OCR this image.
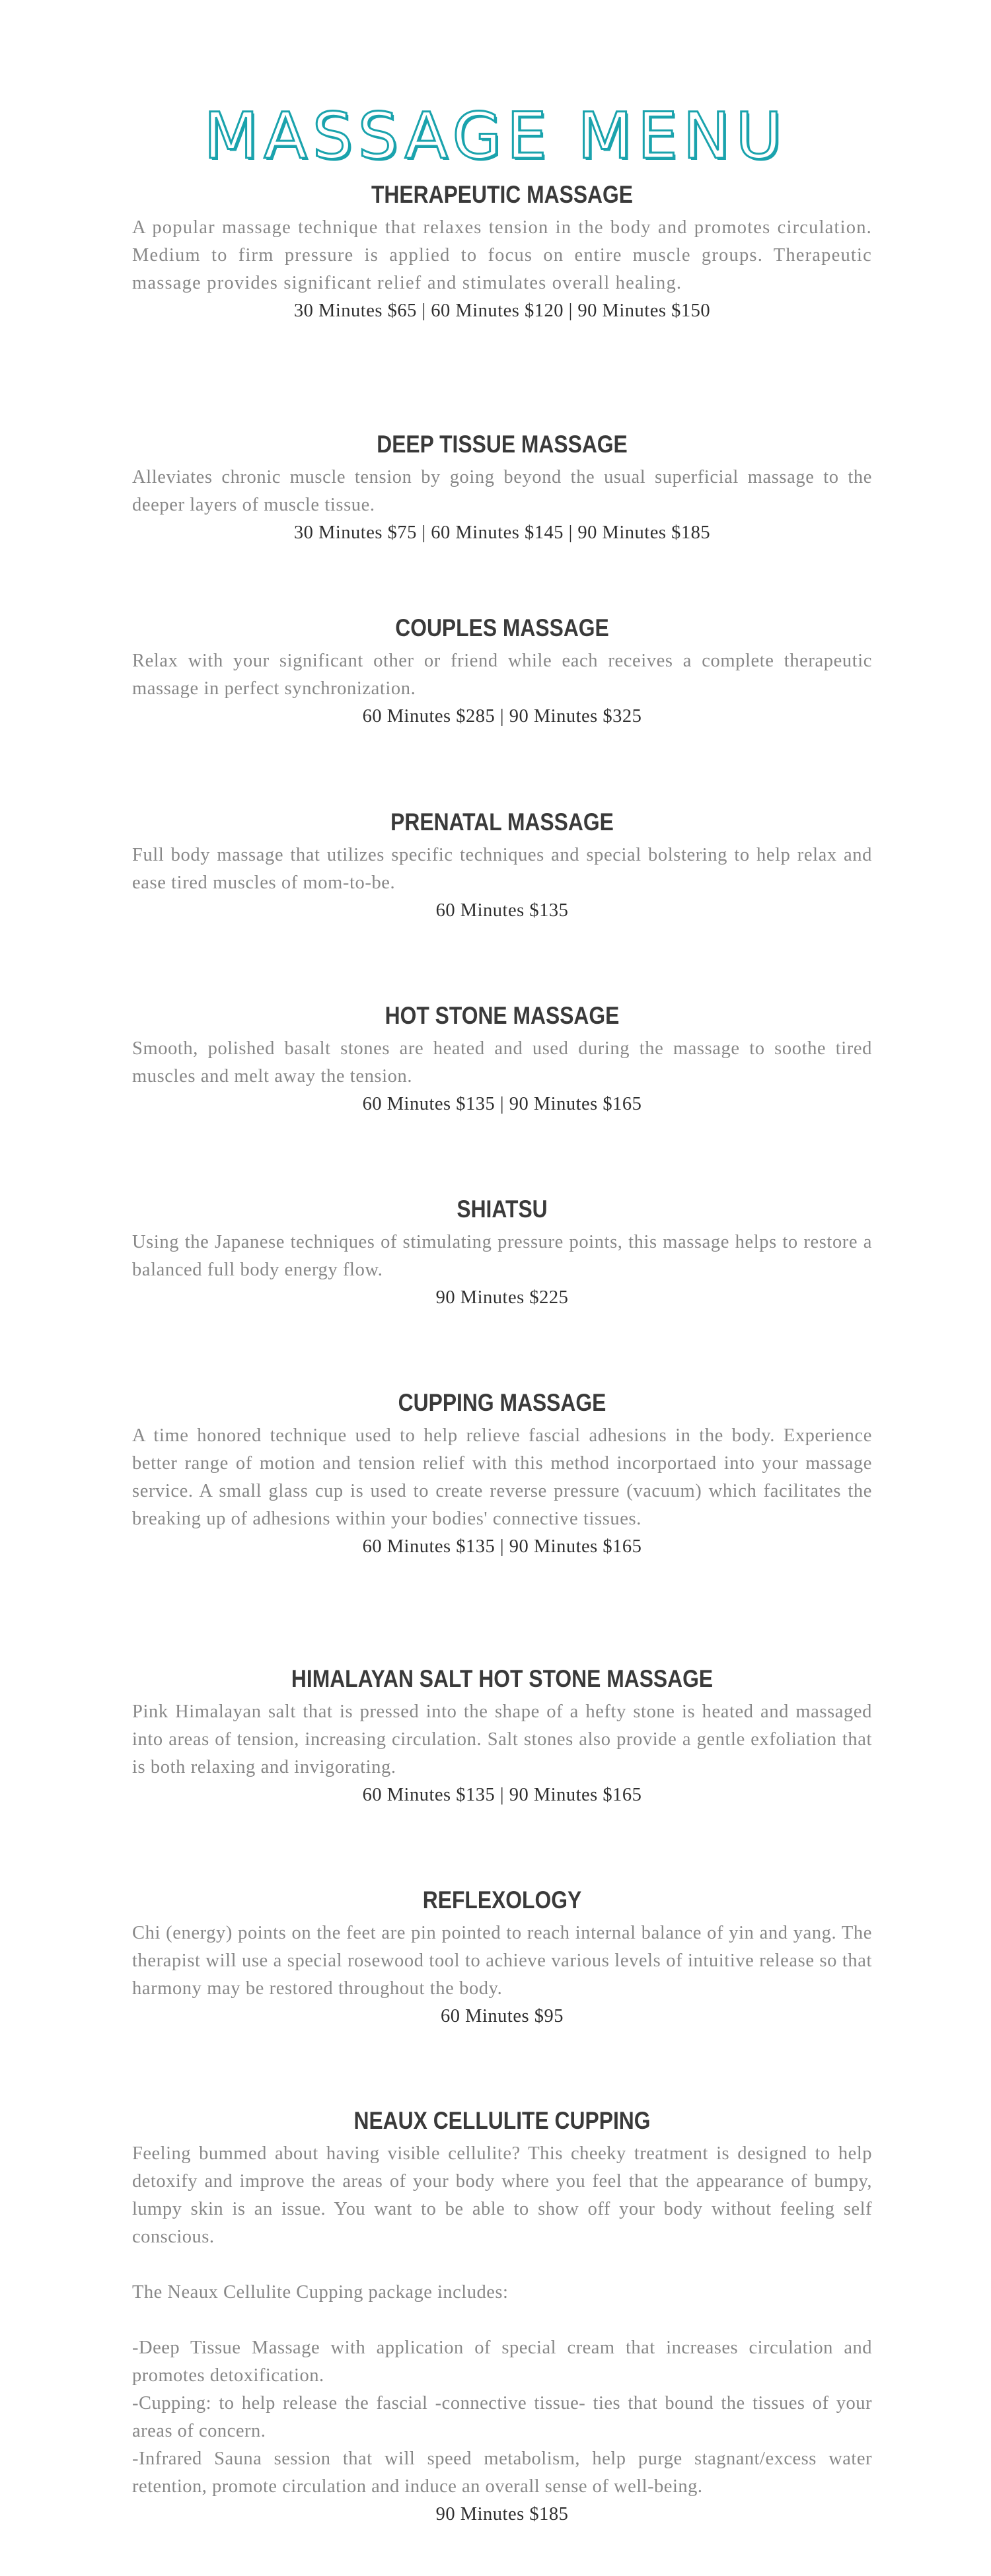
MASSAGE MENU
THERAPEUTIC MASSAGE

A popular massage technique that relaxes tension in the body and promotes circulation. Medium to firm pressure is applied to focus on entire muscle groups. Therapeutic massage provides significant relief and stimulates overall healing.

30 Minutes $65 | 60 Minutes $120 | 90 Minutes $150

DEEP TISSUE MASSAGE

Alleviates chronic muscle tension by going beyond the usual superficial massage to the deeper layers of muscle tissue.

30 Minutes $75 | 60 Minutes $145 | 90 Minutes $185

COUPLES MASSAGE

Relax with your significant other or friend while each receives a complete therapeutic massage in perfect synchronization.

60 Minutes $285 | 90 Minutes $325

PRENATAL MASSAGE

Full body massage that utilizes specific techniques and special bolstering to help relax and ease tired muscles of mom-to-be.

60 Minutes $135

HOT STONE MASSAGE

Smooth, polished basalt stones are heated and used during the massage to soothe tired muscles and melt away the tension.

60 Minutes $135 | 90 Minutes $165

SHIATSU

Using the Japanese techniques of stimulating pressure points, this massage helps to restore a balanced full body energy flow.

90 Minutes $225

CUPPING MASSAGE

A time honored technique used to help relieve fascial adhesions in the body. Experience better range of motion and tension relief with this method incorportaed into your massage service. A small glass cup is used to create reverse pressure (vacuum) which facilitates the breaking up of adhesions within your bodies' connective tissues.

60 Minutes $135 | 90 Minutes $165

HIMALAYAN SALT HOT STONE MASSAGE

Pink Himalayan salt that is pressed into the shape of a hefty stone is heated and massaged into areas of tension, increasing circulation. Salt stones also provide a gentle exfoliation that is both relaxing and invigorating.

60 Minutes $135 | 90 Minutes $165

REFLEXOLOGY

Chi (energy) points on the feet are pin pointed to reach internal balance of yin and yang. The therapist will use a special rosewood tool to achieve various levels of intuitive release so that harmony may be restored throughout the body.

60 Minutes $95

NEAUX CELLULITE CUPPING

Feeling bummed about having visible cellulite? This cheeky treatment is designed to help detoxify and improve the areas of your body where you feel that the appearance of bumpy, lumpy skin is an issue. You want to be able to show off your body without feeling self conscious.

The Neaux Cellulite Cupping package includes:

-Deep Tissue Massage with application of special cream that increases circulation and promotes detoxification.

-Cupping: to help release the fascial -connective tissue- ties that bound the tissues of your areas of concern.

-Infrared Sauna session that will speed metabolism, help purge stagnant/excess water retention, promote circulation and induce an overall sense of well-being.

90 Minutes $185
